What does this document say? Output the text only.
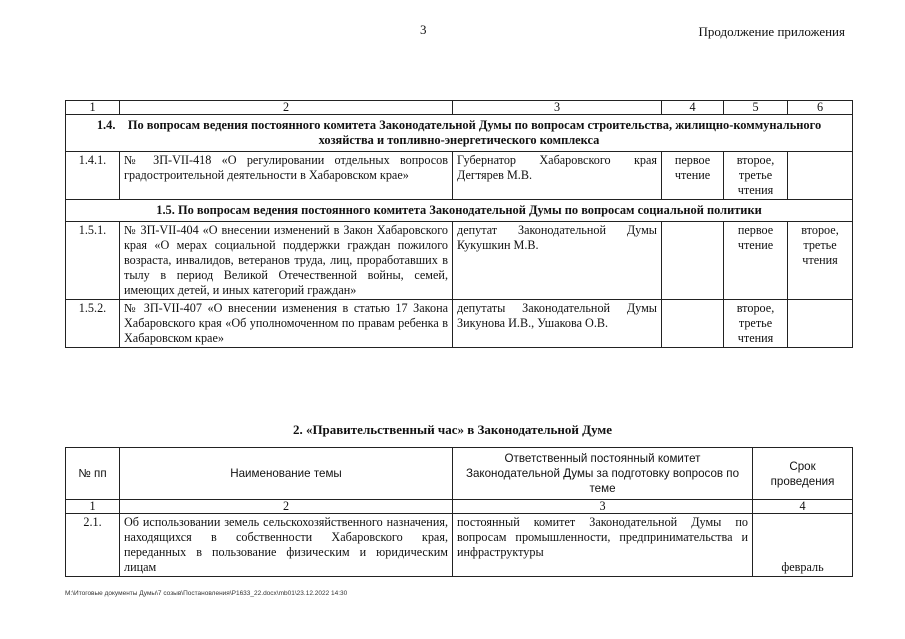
3	Продолжение приложения
1	2	3	4	5	6
1.4. По вопросам ведения постоянного комитета Законодательной Думы по вопросам строительства, жилищно-коммунального хозяйства и топливно-энергетического комплекса					
1.4.1.	№ ЗП-VII-418 «О регулировании отдельных вопросов градостроительной деятельности в Хабаровском крае»	Губернатор Хабаровского края Дегтярев М.В.	первое чтение	второе, третье чтения	
1.5. По вопросам ведения постоянного комитета Законодательной Думы по вопросам социальной политики					
1.5.1.	№ ЗП-VII-404 «О внесении изменений в Закон Хабаровского края «О мерах социальной поддержки граждан пожилого возраста, инвалидов, ветеранов труда, лиц, проработавших в тылу в период Великой Отечественной войны, семей, имеющих детей, и иных категорий граждан»	депутат Законодательной Думы Кукушкин М.В.		первое чтение	второе, третье чтения
1.5.2.	№ ЗП-VII-407 «О внесении изменения в статью 17 Закона Хабаровского края «Об уполномоченном по правам ребенка в Хабаровском крае»	депутаты Законодательной Думы Зикунова И.В., Ушакова О.В.		второе, третье чтения	
2. «Правительственный час» в Законодательной Думе
№ пп	Наименование темы	Ответственный постоянный комитет Законодательной Думы за подготовку вопросов по теме	Срок проведения
1	2	3	4
2.1.	Об использовании земель сельскохозяйственного назначения, находящихся в собственности Хабаровского края, переданных в пользование физическим и юридическим лицам	постоянный комитет Законодательной Думы по вопросам промышленности, предпринимательства и инфраструктуры	февраль
М:\Итоговые документы Думы\7 созыв\Постановления\Р1633_22.docx\mb01\23.12.2022 14:30
